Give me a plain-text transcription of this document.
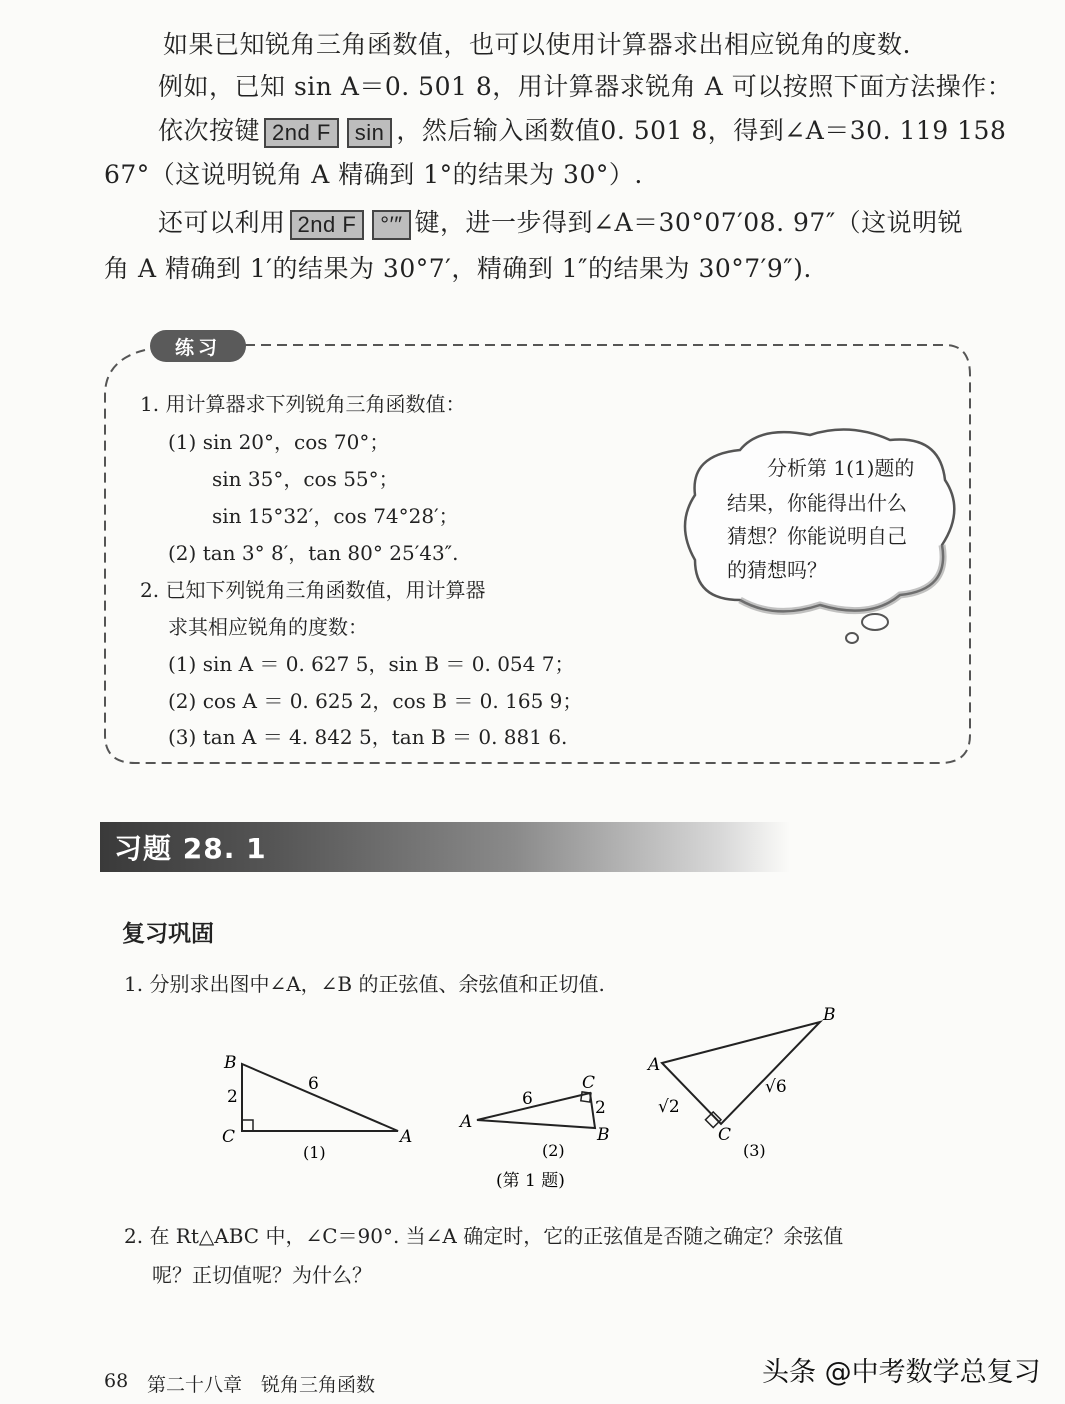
如果已知锐角三角函数值，也可以使用计算器求出相应锐角的度数.
例如，已知 sin A＝0. 501 8，用计算器求锐角 A 可以按照下面方法操作：
依次按键 2nd F sin ，然后输入函数值0. 501 8，得到∠A＝30. 119 158
67°（这说明锐角 A 精确到 1°的结果为 30°）.
还可以利用 2nd F °′″ 键，进一步得到∠A＝30°07′08. 97″（这说明锐
角 A 精确到 1′的结果为 30°7′，精确到 1″的结果为 30°7′9″).
练习
1. 用计算器求下列锐角三角函数值：
(1) sin 20°，cos 70°；
sin 35°，cos 55°；
sin 15°32′，cos 74°28′；
(2) tan 3° 8′，tan 80° 25′43″.
2. 已知下列锐角三角函数值，用计算器
求其相应锐角的度数：
(1) sin A ＝ 0. 627 5，sin B ＝ 0. 054 7；
(2) cos A ＝ 0. 625 2，cos B ＝ 0. 165 9；
(3) tan A ＝ 4. 842 5，tan B ＝ 0. 881 6.
分析第 1(1)题的
结果，你能得出什么
猜想？你能说明自己
的猜想吗？
习题 28. 1
复习巩固
1. 分别求出图中∠A，∠B 的正弦值、余弦值和正切值.
B
C	A
2
6
(1)
A
C
B
6	2
(2)
A
B
C
√2
√6
(3)
(第 1 题)
2. 在 Rt△ABC 中，∠C＝90°. 当∠A 确定时，它的正弦值是否随之确定？余弦值
呢？正切值呢？为什么？
68 第二十八章　锐角三角函数	头条 @中考数学总复习
